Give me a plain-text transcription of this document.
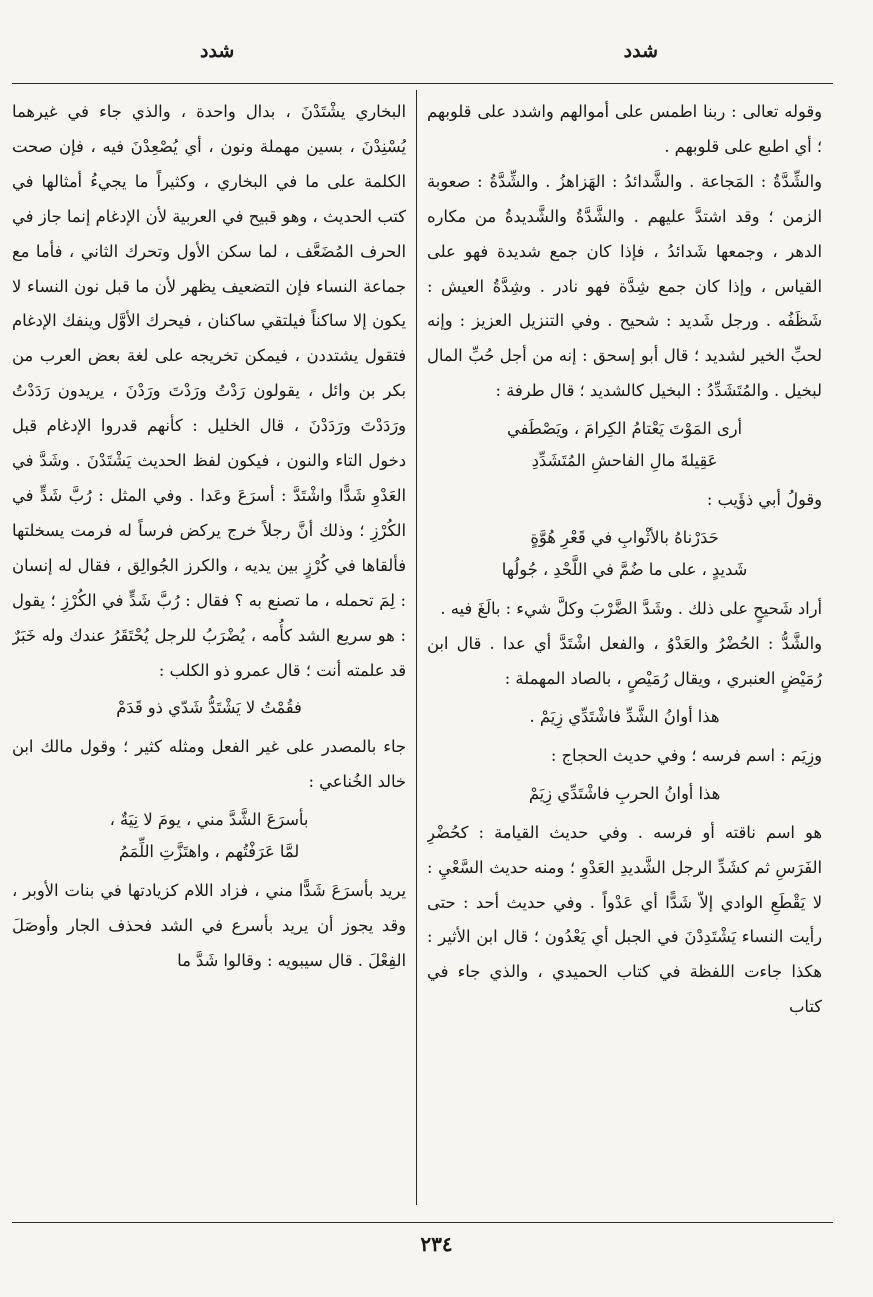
شدد
شدد

وقوله تعالى : ربنا اطمس على أموالهم واشدد على قلوبهم ؛ أي اطبع على قلوبهم .

والشِّدَّةُ : المَجاعة . والشَّدائدُ : الهَزاهزُ . والشِّدَّةُ : صعوبة الزمن ؛ وقد اشتدَّ عليهم . والشَّدَّةُ والشَّديدةُ من مكاره الدهر ، وجمعها شَدائدُ ، فإذا كان جمع شديدة فهو على القياس ، وإذا كان جمع شِدَّة فهو نادر . وشِدَّةُ العيش : شَظَفُه . ورجل شَديد : شحيح . وفي التنزيل العزيز : وإنه لحبِّ الخير لشديد ؛ قال أبو إسحق : إنه من أجل حُبِّ المال لبخيل . والمُتَشَدِّدُ : البخيل كالشديد ؛ قال طرفة :

أرى المَوْتَ يَعْتامُ الكِرامَ ، ويَصْطَفي
عَقِيلةَ مالِ الفاحشِ المُتَشَدِّدِ

وقولُ أبي ذؤَيب :

حَدَرْناهُ بالأثْوابِ في قَعْرِ هُوَّةٍ
شَديدٍ ، على ما ضُمَّ في اللَّحْدِ ، جُولُها

أراد شَحيحٍ على ذلك . وشَدَّ الضَّرْبَ وكلَّ شيء : بالَغَ فيه .

والشَّدُّ : الحُضْرُ والعَدْوُ ، والفعل اشْتَدَّ أي عدا . قال ابن رُمَيْضٍ العنبري ، ويقال رُمَيْصٍ ، بالصاد المهملة :

هذا أوانُ الشَّدِّ فاشْتَدِّي زِيَمْ .

وزِيَم : اسم فرسه ؛ وفي حديث الحجاج :

هذا أوانُ الحربِ فاشْتَدِّي زِيَمْ

هو اسم ناقته أو فرسه . وفي حديث القيامة : كحُضْرِ الفَرَسِ ثم كشَدِّ الرجل الشَّديدِ العَدْوِ ؛ ومنه حديث السَّعْيِ : لا يَقْطَعِ الوادي إلاّ شَدًّا أي عَدْواً . وفي حديث أحد : حتى رأيت النساء يَشْتَدِدْنَ في الجبل أي يَعْدُون ؛ قال ابن الأثير : هكذا جاءت اللفظة في كتاب الحميدي ، والذي جاء في كتاب

البخاري يشْتَدْنَ ، بدال واحدة ، والذي جاء في غيرهما يُسْنِدْنَ ، بسين مهملة ونون ، أي يُصْعِدْنَ فيه ، فإن صحت الكلمة على ما في البخاري ، وكثيراً ما يجيءُ أمثالها في كتب الحديث ، وهو قبيح في العربية لأن الإدغام إنما جاز في الحرف المُضَعَّف ، لما سكن الأول وتحرك الثاني ، فأما مع جماعة النساء فإن التضعيف يظهر لأن ما قبل نون النساء لا يكون إلا ساكناً فيلتقي ساكنان ، فيحرك الأوَّل وينفك الإدغام فتقول يشتددن ، فيمكن تخريجه على لغة بعض العرب من بكر بن وائل ، يقولون رَدْتُ ورَدْتَ ورَدْنَ ، يريدون رَدَدْتُ ورَدَدْتَ ورَدَدْنَ ، قال الخليل : كأنهم قدروا الإدغام قبل دخول التاء والنون ، فيكون لفظ الحديث يَشْتَدْنَ . وشَدَّ في العَدْوِ شَدًّا واشْتَدَّ : أسرَعَ وعَدا . وفي المثل : رُبَّ شَدٍّ في الكُرْزِ ؛ وذلك أنَّ رجلاً خرج يركض فرساً له فرمت يسخلتها فألقاها في كُرْزٍ بين يديه ، والكرز الجُوالِق ، فقال له إنسان : لِمَ تحمله ، ما تصنع به ؟ فقال : رُبَّ شَدٍّ في الكُرْزِ ؛ يقول : هو سريع الشد كأُمه ، يُضْرَبُ للرجل يُحْتَقَرُ عندك وله خَبَرٌ قد علمته أنت ؛ قال عمرو ذو الكلب :

فقُمْتُ لا يَشْتَدُّ شَدّي ذو قَدَمْ

جاء بالمصدر على غير الفعل ومثله كثير ؛ وقول مالك ابن خالد الخُناعي :

بأسرَعَ الشَّدَّ مني ، يومَ لا نِيَةٌ ،
لمَّا عَرَفْتُهم ، واهتَزَّتِ اللِّمَمُ

يريد بأسرَعَ شَدًّا مني ، فزاد اللام كزيادتها في بنات الأوبر ، وقد يجوز أن يريد بأسرع في الشد فحذف الجار وأوصَلَ الفِعْلَ . قال سيبويه : وقالوا شَدَّ ما

٢٣٤
